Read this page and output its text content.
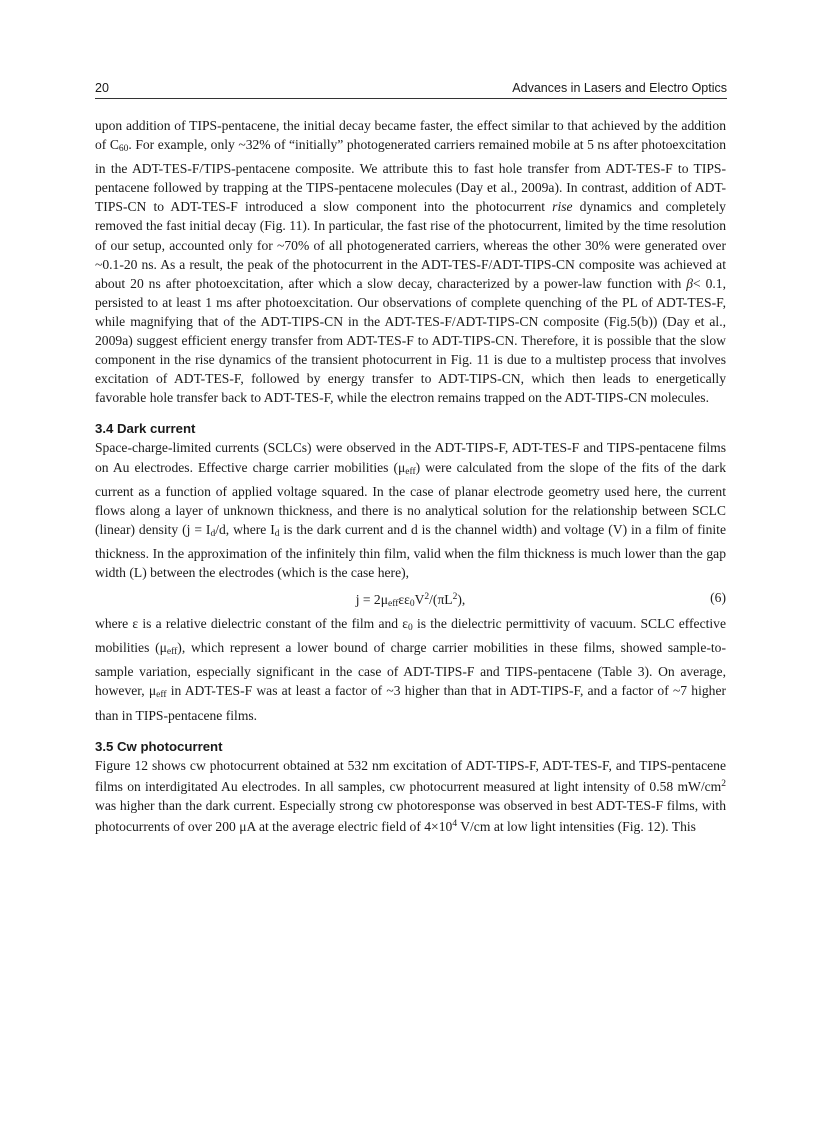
20	Advances in Lasers and Electro Optics

upon addition of TIPS-pentacene, the initial decay became faster, the effect similar to that achieved by the addition of $C_{60}$. For example, only ~32% of “initially” photogenerated carriers remained mobile at 5 ns after photoexcitation in the ADT-TES-F/TIPS-pentacene composite. We attribute this to fast hole transfer from ADT-TES-F to TIPS-pentacene followed by trapping at the TIPS-pentacene molecules (Day et al., 2009a). In contrast, addition of ADT-TIPS-CN to ADT-TES-F introduced a slow component into the photocurrent rise dynamics and completely removed the fast initial decay (Fig. 11). In particular, the fast rise of the photocurrent, limited by the time resolution of our setup, accounted only for ~70% of all photogenerated carriers, whereas the other 30% were generated over ~0.1-20 ns. As a result, the peak of the photocurrent in the ADT-TES-F/ADT-TIPS-CN composite was achieved at about 20 ns after photoexcitation, after which a slow decay, characterized by a power-law function with β< 0.1, persisted to at least 1 ms after photoexcitation. Our observations of complete quenching of the PL of ADT-TES-F, while magnifying that of the ADT-TIPS-CN in the ADT-TES-F/ADT-TIPS-CN composite (Fig.5(b)) (Day et al., 2009a) suggest efficient energy transfer from ADT-TES-F to ADT-TIPS-CN. Therefore, it is possible that the slow component in the rise dynamics of the transient photocurrent in Fig. 11 is due to a multistep process that involves excitation of ADT-TES-F, followed by energy transfer to ADT-TIPS-CN, which then leads to energetically favorable hole transfer back to ADT-TES-F, while the electron remains trapped on the ADT-TIPS-CN molecules.

3.4 Dark current

Space-charge-limited currents (SCLCs) were observed in the ADT-TIPS-F, ADT-TES-F and TIPS-pentacene films on Au electrodes. Effective charge carrier mobilities $(\mu_{eff})$ were calculated from the slope of the fits of the dark current as a function of applied voltage squared. In the case of planar electrode geometry used here, the current flows along a layer of unknown thickness, and there is no analytical solution for the relationship between SCLC (linear) density ($j = I_d/d$, where $I_d$ is the dark current and d is the channel width) and voltage (V) in a film of finite thickness. In the approximation of the infinitely thin film, valid when the film thickness is much lower than the gap width (L) between the electrodes (which is the case here),

$j = 2\mu_{eff}\varepsilon\varepsilon_0V^2/(\pi L^2)$,	(6)

where ε is a relative dielectric constant of the film and $\varepsilon_0$ is the dielectric permittivity of vacuum. SCLC effective mobilities $(\mu_{eff})$, which represent a lower bound of charge carrier mobilities in these films, showed sample-to-sample variation, especially significant in the case of ADT-TIPS-F and TIPS-pentacene (Table 3). On average, however, $\mu_{eff}$ in ADT-TES-F was at least a factor of ~3 higher than that in ADT-TIPS-F, and a factor of ~7 higher than in TIPS-pentacene films.

3.5 Cw photocurrent

Figure 12 shows cw photocurrent obtained at 532 nm excitation of ADT-TIPS-F, ADT-TES-F, and TIPS-pentacene films on interdigitated Au electrodes. In all samples, cw photocurrent measured at light intensity of 0.58 $mW/cm^2$ was higher than the dark current. Especially strong cw photoresponse was observed in best ADT-TES-F films, with photocurrents of over 200 μA at the average electric field of $4\times 10^4$ V/cm at low light intensities (Fig. 12). This
